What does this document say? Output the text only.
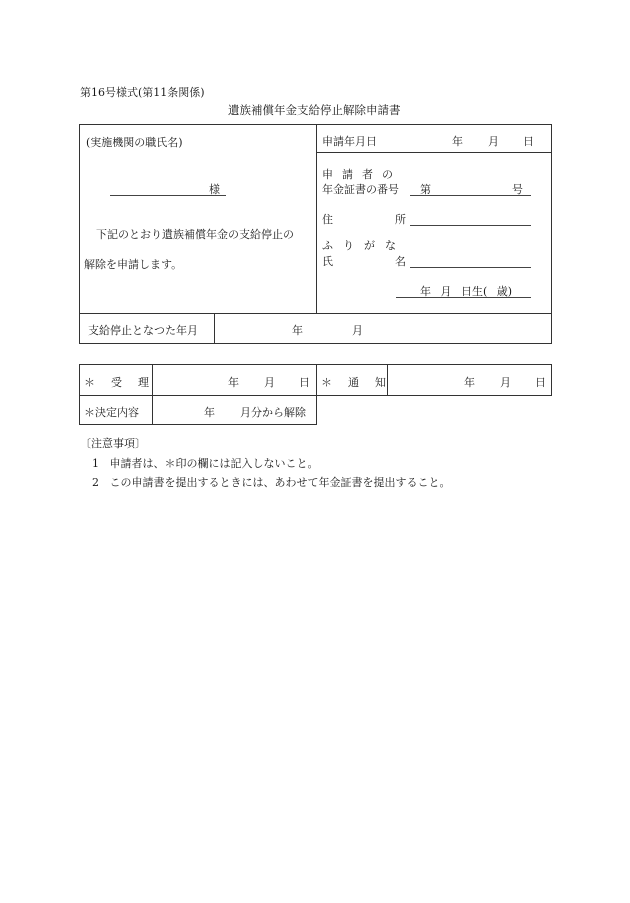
第16号様式(第11条関係)
遺族補償年金支給停止解除申請書
(実施機関の職氏名)
様
下記のとおり遺族補償年金の支給停止の
解除を申請します。
申請年月日	年 月 日
申請者の
年金証書の番号 第	号
住所
ふりがな
氏名
年 月 日生( 歳)
支給停止となつた年月	年	月
＊受理	年 月 日 ＊通知	年 月 日
＊決定内容	年 月分から解除
〔注意事項〕
1 申請者は、＊印の欄には記入しないこと。
2 この申請書を提出するときには、あわせて年金証書を提出すること。
